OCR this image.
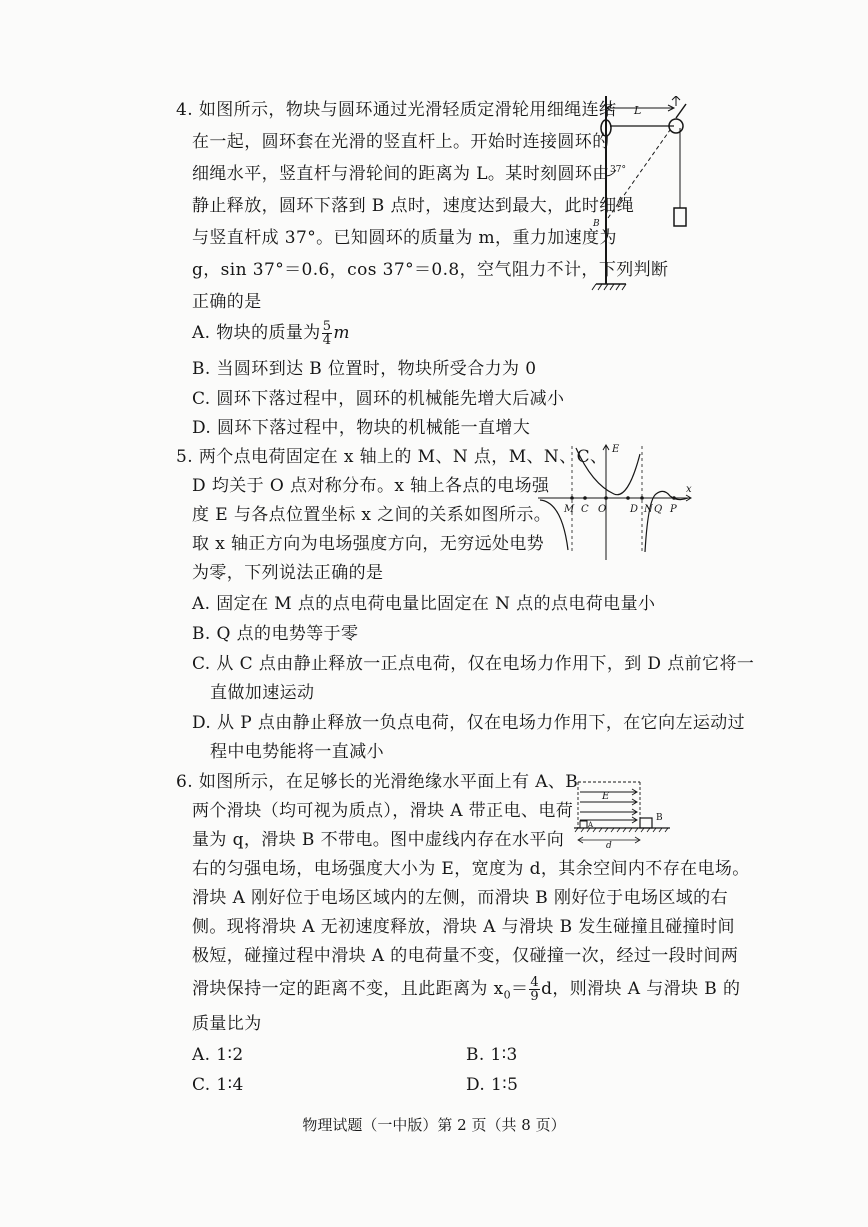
4. 如图所示，物块与圆环通过光滑轻质定滑轮用细绳连结
在一起，圆环套在光滑的竖直杆上。开始时连接圆环的
细绳水平，竖直杆与滑轮间的距离为 L。某时刻圆环由
静止释放，圆环下落到 B 点时，速度达到最大，此时细绳
与竖直杆成 37°。已知圆环的质量为 m，重力加速度为
g，sin 37°＝0.6，cos 37°＝0.8，空气阻力不计，下列判断
正确的是
A. 物块的质量为 $\frac{5}{4}$ m
B. 当圆环到达 B 位置时，物块所受合力为 0
C. 圆环下落过程中，圆环的机械能先增大后减小
D. 圆环下落过程中，物块的机械能一直增大
L
37°
B
5. 两个点电荷固定在 x 轴上的 M、N 点，M、N、C、
D 均关于 O 点对称分布。x 轴上各点的电场强
度 E 与各点位置坐标 x 之间的关系如图所示。
取 x 轴正方向为电场强度方向，无穷远处电势
为零，下列说法正确的是
A. 固定在 M 点的点电荷电量比固定在 N 点的点电荷电量小
B. Q 点的电势等于零
C. 从 C 点由静止释放一正点电荷，仅在电场力作用下，到 D 点前它将一
直做加速运动
D. 从 P 点由静止释放一负点电荷，仅在电场力作用下，在它向左运动过
程中电势能将一直减小
E
x
M C O D N Q P
6. 如图所示，在足够长的光滑绝缘水平面上有 A、B
两个滑块（均可视为质点），滑块 A 带正电、电荷
量为 q，滑块 B 不带电。图中虚线内存在水平向
右的匀强电场，电场强度大小为 E，宽度为 d，其余空间内不存在电场。
滑块 A 刚好位于电场区域内的左侧，而滑块 B 刚好位于电场区域的右
侧。现将滑块 A 无初速度释放，滑块 A 与滑块 B 发生碰撞且碰撞时间
极短，碰撞过程中滑块 A 的电荷量不变，仅碰撞一次，经过一段时间两
滑块保持一定的距离不变，且此距离为 $x_0= \frac{4}{9}$ d，则滑块 A 与滑块 B 的
质量比为
A. 1∶2	B. 1∶3
C. 1∶4	D. 1∶5
E
A
B
d
物理试题（一中版）第 2 页（共 8 页）
